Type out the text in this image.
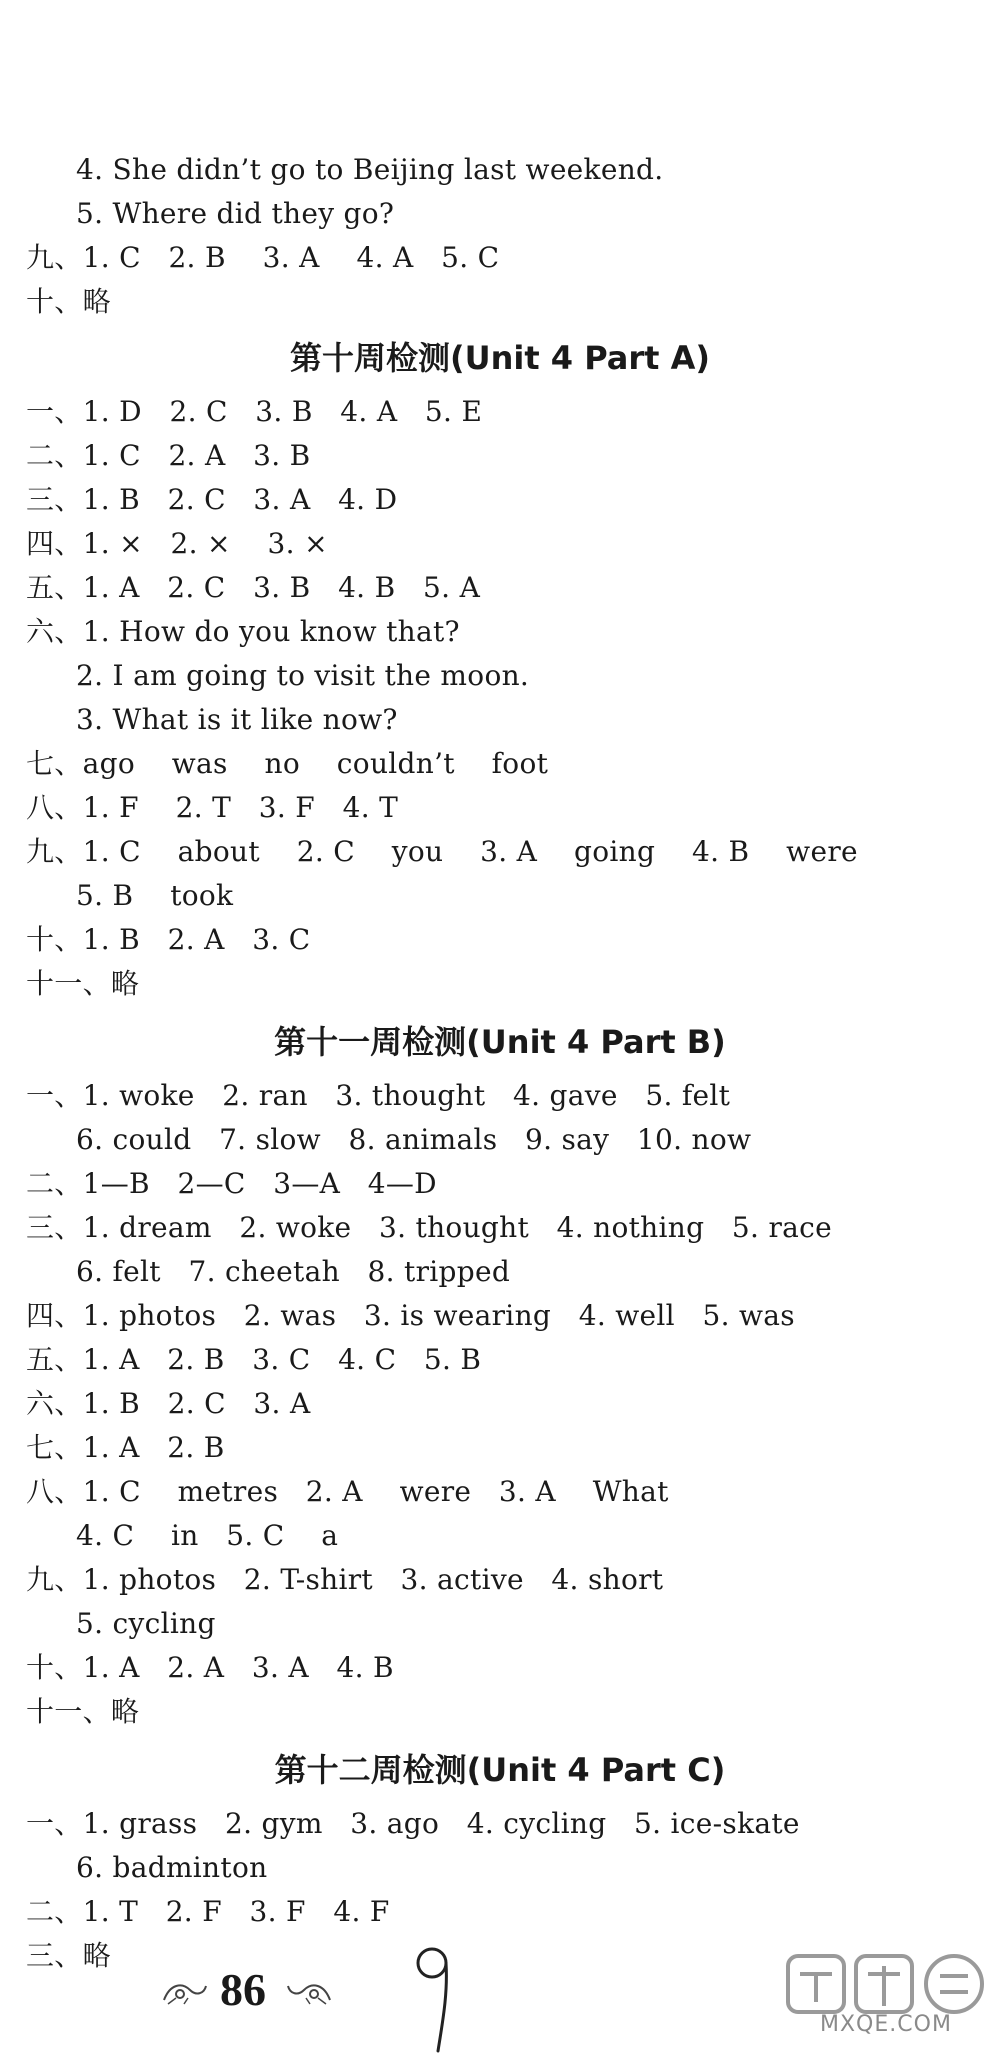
4. She didn’t go to Beijing last weekend.
5. Where did they go?
九、1. C   2. B    3. A    4. A   5. C
十、略
第十周检测(Unit 4 Part A)
一、1. D   2. C   3. B   4. A   5. E
二、1. C   2. A   3. B
三、1. B   2. C   3. A   4. D
四、1. ×   2. ×    3. ×
五、1. A   2. C   3. B   4. B   5. A
六、1. How do you know that?
2. I am going to visit the moon.
3. What is it like now?
七、ago    was    no    couldn’t    foot
八、1. F    2. T   3. F   4. T
九、1. C    about    2. C    you    3. A    going    4. B    were
5. B    took
十、1. B   2. A   3. C
十一、略
第十一周检测(Unit 4 Part B)
一、1. woke   2. ran   3. thought   4. gave   5. felt
6. could   7. slow   8. animals   9. say   10. now
二、1—B   2—C   3—A   4—D
三、1. dream   2. woke   3. thought   4. nothing   5. race
6. felt   7. cheetah   8. tripped
四、1. photos   2. was   3. is wearing   4. well   5. was
五、1. A   2. B   3. C   4. C   5. B
六、1. B   2. C   3. A
七、1. A   2. B
八、1. C    metres   2. A    were   3. A    What
4. C    in   5. C    a
九、1. photos   2. T-shirt   3. active   4. short
5. cycling
十、1. A   2. A   3. A   4. B
十一、略
第十二周检测(Unit 4 Part C)
一、1. grass   2. gym   3. ago   4. cycling   5. ice-skate
6. badminton
二、1. T   2. F   3. F   4. F
三、略
86
MXQE.COM
